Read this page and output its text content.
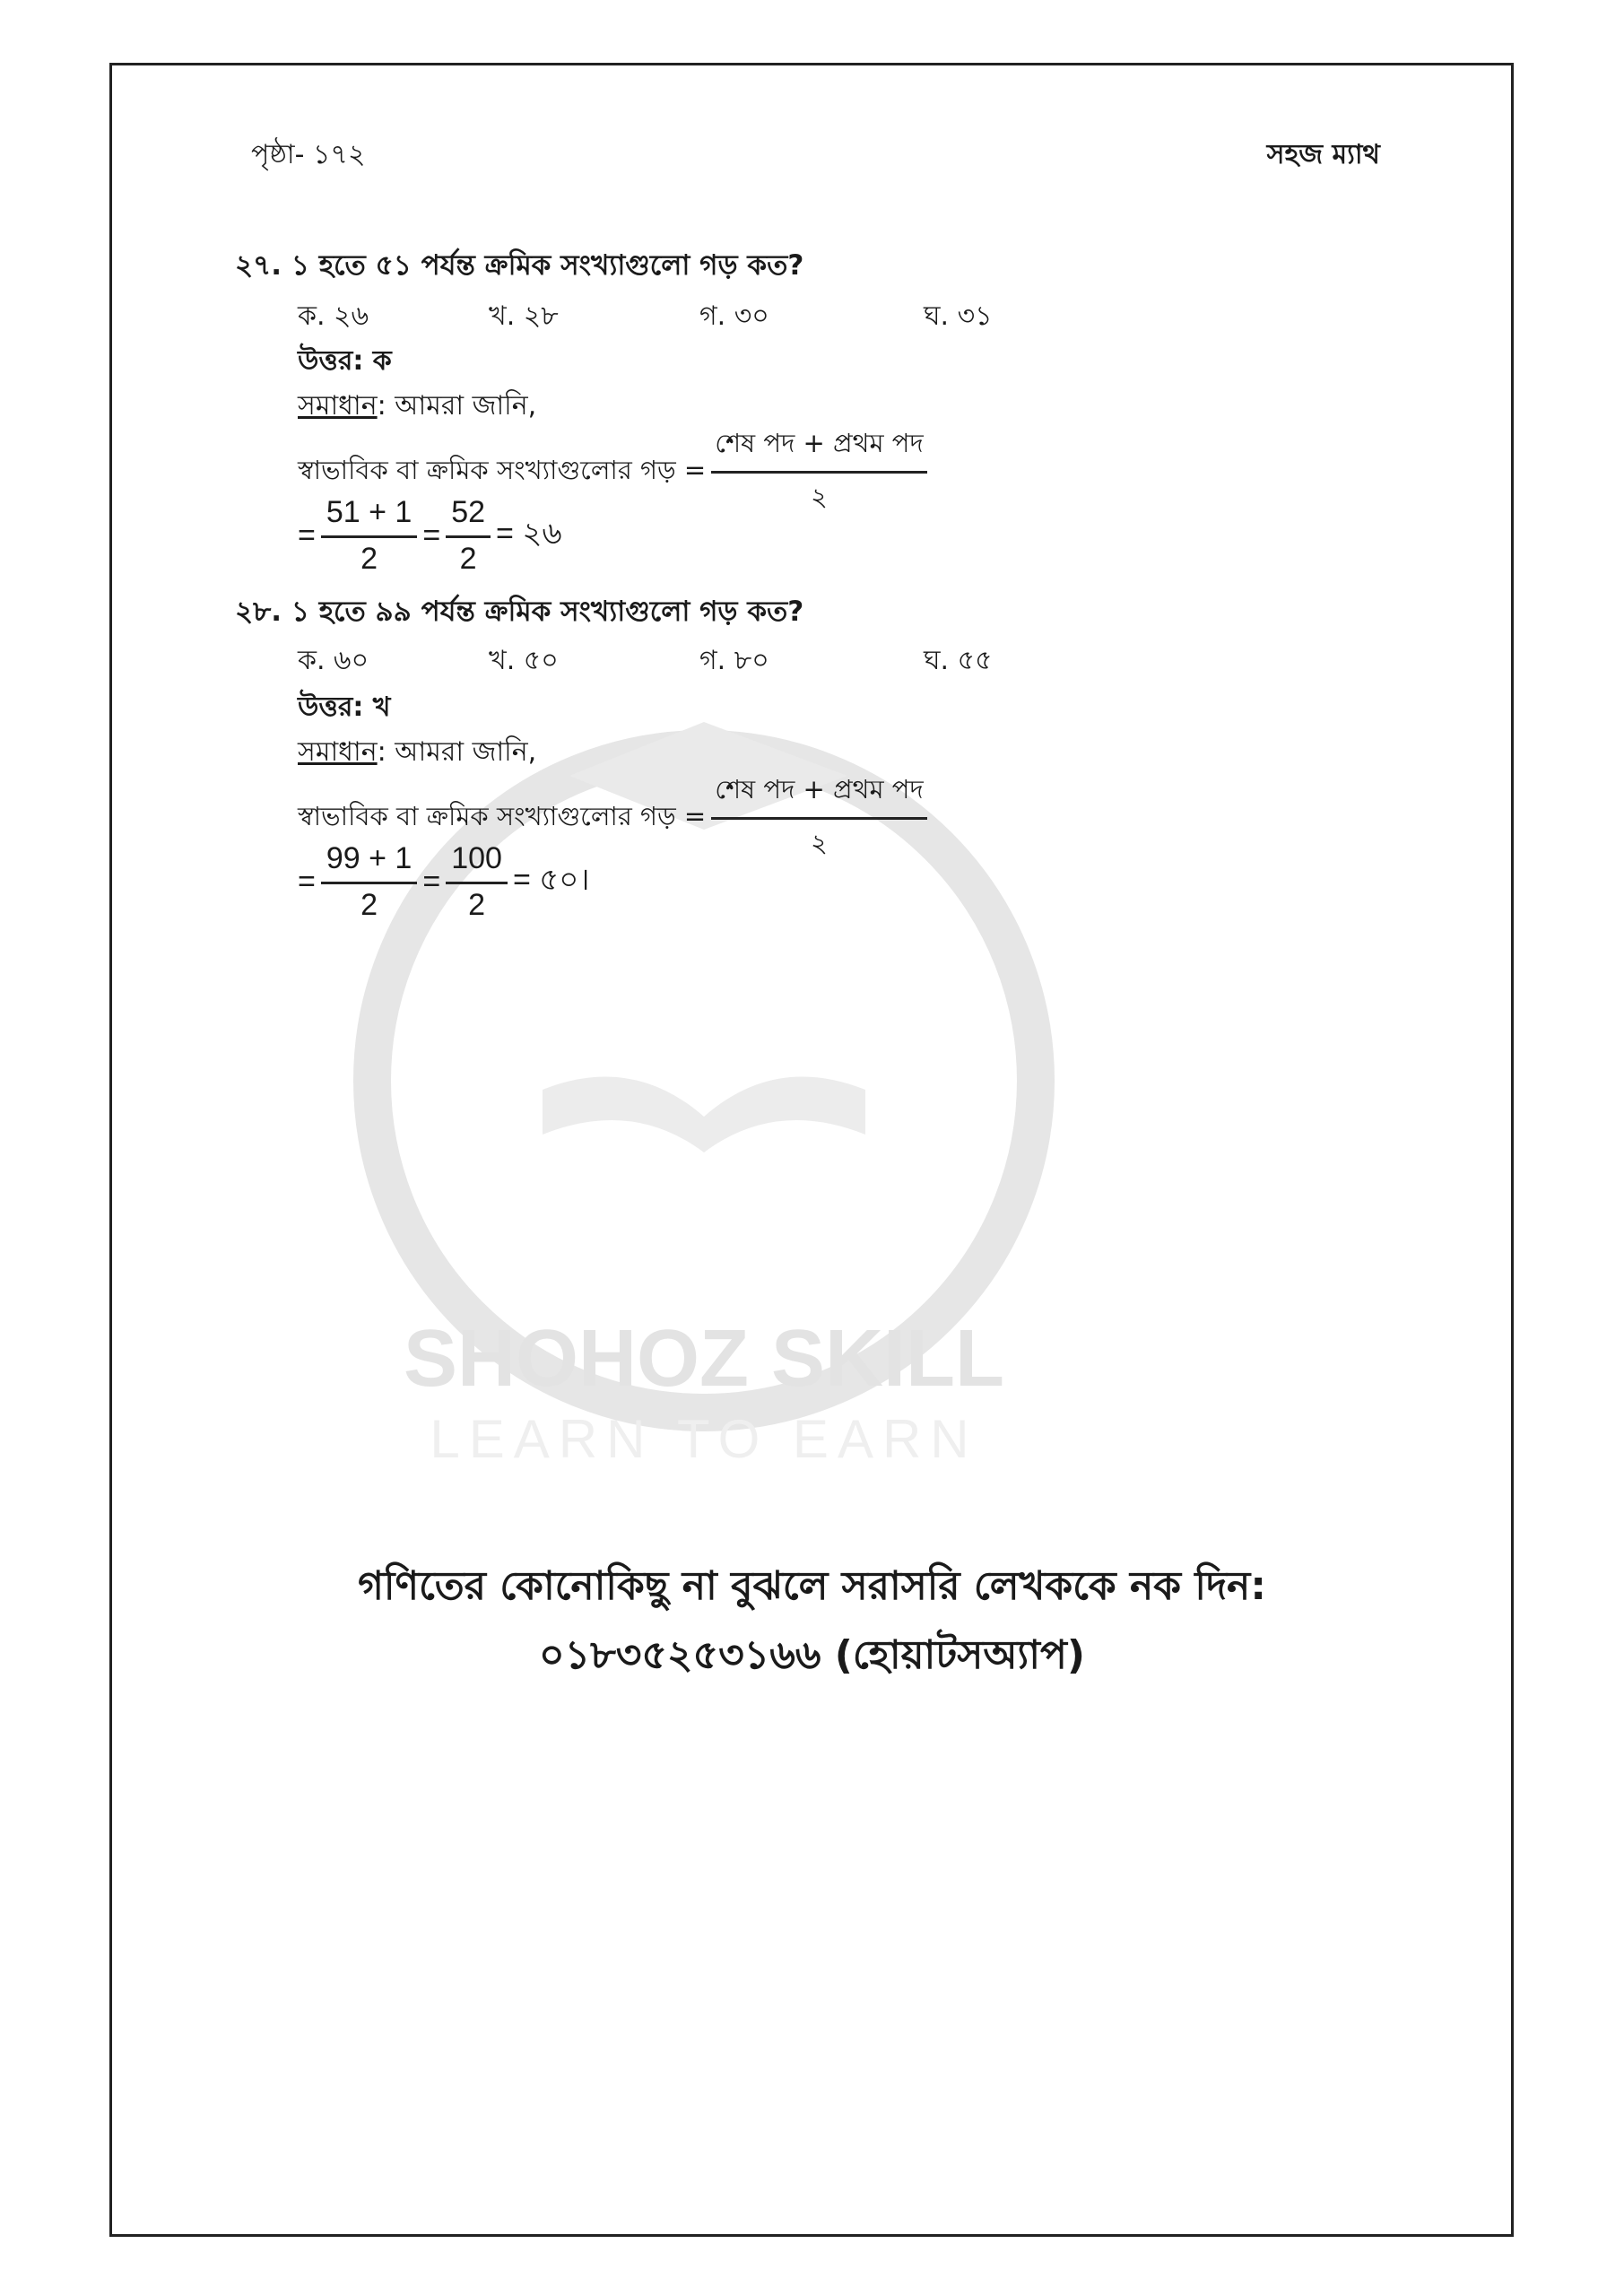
SHOHOZ SKILL
LEARN TO EARN
পৃষ্ঠা- ১৭২	সহজ ম্যাথ
২৭. ১ হতে ৫১ পর্যন্ত ক্রমিক সংখ্যাগুলো গড় কত?
ক. ২৬	খ. ২৮	গ. ৩০	ঘ. ৩১
উত্তর: ক
সমাধান: আমরা জানি,
স্বাভাবিক বা ক্রমিক সংখ্যাগুলোর গড় = $\frac{\text{শেষ পদ + প্রথম পদ}}{২}$
= $\frac{51 + 1}{2} = \frac{52}{2}$ = ২৬
২৮. ১ হতে ৯৯ পর্যন্ত ক্রমিক সংখ্যাগুলো গড় কত?
ক. ৬০	খ. ৫০	গ. ৮০	ঘ. ৫৫
উত্তর: খ
সমাধান: আমরা জানি,
স্বাভাবিক বা ক্রমিক সংখ্যাগুলোর গড় = $\frac{\text{শেষ পদ + প্রথম পদ}}{২}$
= $\frac{99 + 1}{2} = \frac{100}{2}$ = ৫০।
গণিতের কোনোকিছু না বুঝলে সরাসরি লেখককে নক দিন:
০১৮৩৫২৫৩১৬৬ (হোয়াটসঅ্যাপ)
